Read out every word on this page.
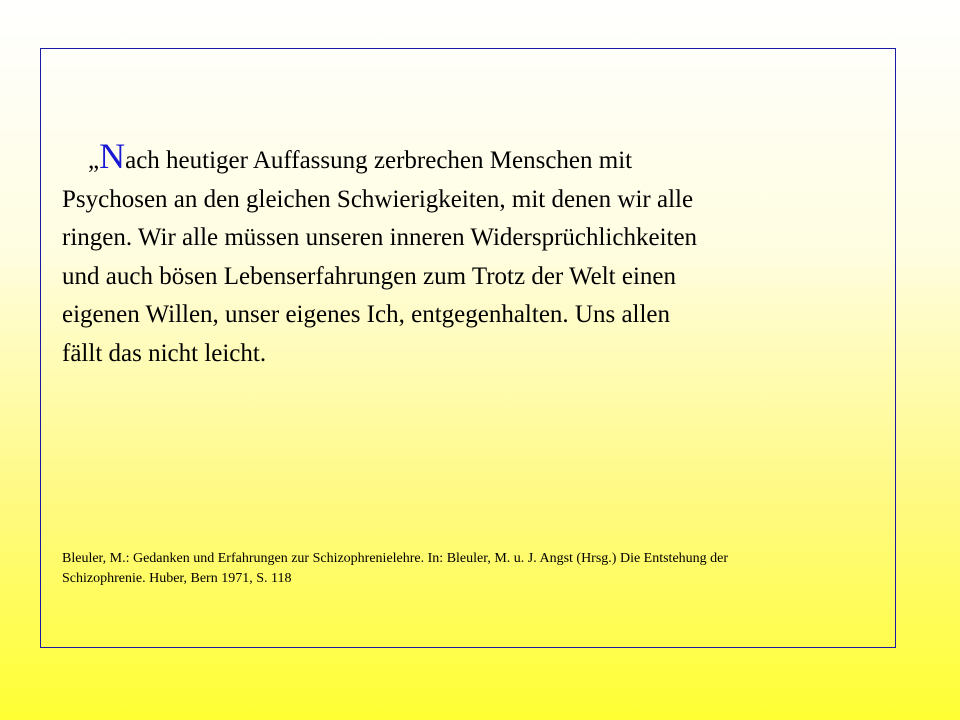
„Nach heutiger Auffassung zerbrechen Menschen mit
Psychosen an den gleichen Schwierigkeiten, mit denen wir alle
ringen. Wir alle müssen unseren inneren Widersprüchlichkeiten
und auch bösen Lebenserfahrungen zum Trotz der Welt einen
eigenen Willen, unser eigenes Ich, entgegenhalten. Uns allen
fällt das nicht leicht.

Bleuler, M.: Gedanken und Erfahrungen zur Schizophrenielehre. In: Bleuler, M. u. J. Angst (Hrsg.) Die Entstehung der
Schizophrenie. Huber, Bern 1971, S. 118
